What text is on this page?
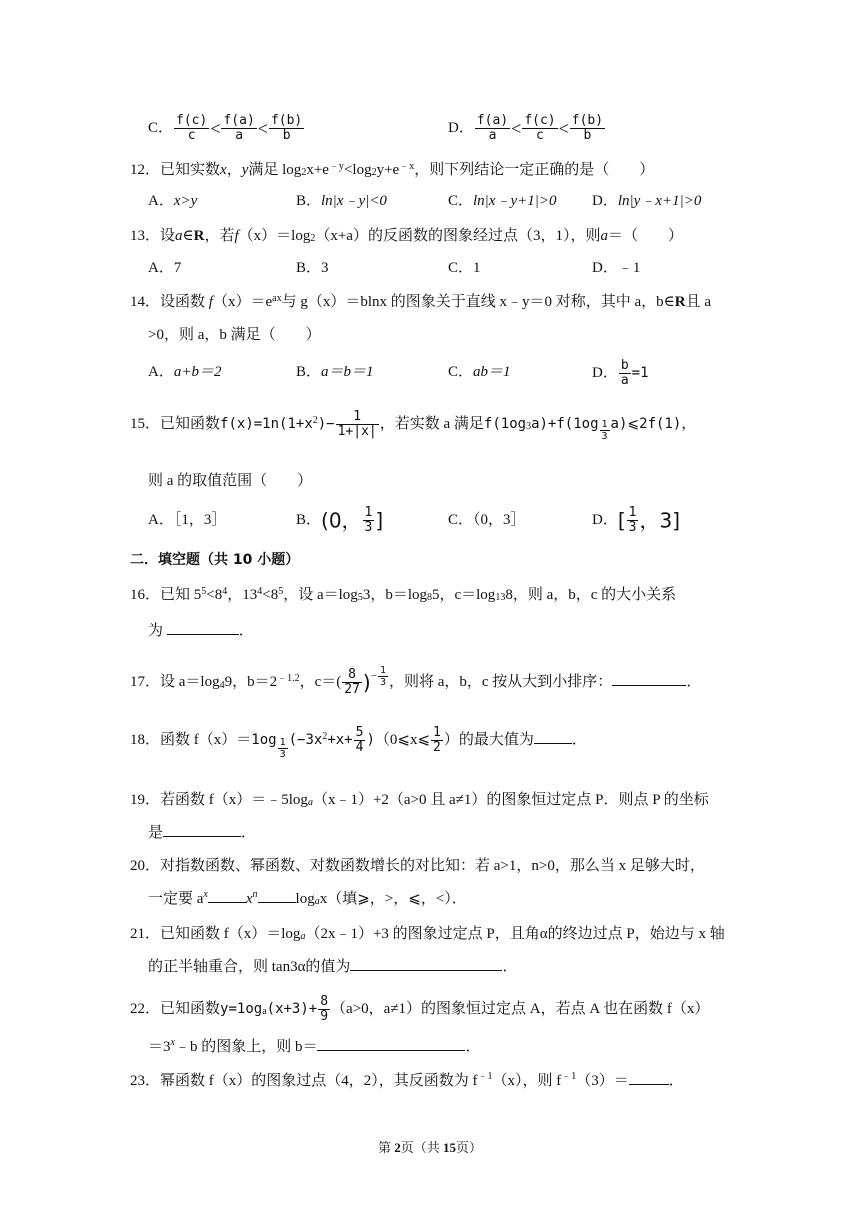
C． $\frac{f(c)}{c} < \frac{f(a)}{a} < \frac{f(b)}{b}$	D． $\frac{f(a)}{a} < \frac{f(c)}{c} < \frac{f(b)}{b}$
12．已知实数x，y满足 $\log_2x+e^{﹣y}<\log_2y+e^{﹣x}$，则下列结论一定正确的是（　　）
A．x>y	B．ln|x﹣y|<0	C．ln|x﹣y+1|>0 D．ln|y﹣x+1|>0
13．设a∈R，若$f(x)=\log_2(x+a)$的反函数的图象经过点（3，1），则a＝（　　）
A．7	B．3	C．1	D．﹣1
14．设函数 $f(x)=e^{ax}$与 g（x）＝blnx 的图象关于直线 x﹣y＝0 对称，其中 a，b∈R且 a
>0，则 a，b 满足（　　）
A．a+b＝2	B．a＝b＝1	C．ab＝1	D． $\frac{b}{a} =1$
15．已知函数$f(x)=1n(1+x^2)- \frac{1}{1+|x|}$ ，若实数 a 满足$f(1og_3a)+f(1og \frac{1}{3}$ a)⩽2f(1)，
则 a 的取值范围（　　）
A．［1，3］	B．(0， $\frac{1}{3}$ ]	C．（0，3］	D．[ $\frac{1}{3}$ ，3]
二．填空题（共 10 小题）
16．已知 $5^5<8^4$，$13^4<8^5$，设 $a=\log_53$，$b=\log_85$，$c=\log_{13}8$，则 a，b，c 的大小关系
为	．
17．设 $a=\log_49$，$b=2^{﹣1.2}$，$c=( \frac{8}{27}$ )− $\frac{1}{3}$ ，则将 a，b，c 按从大到小排序：	．
18．函数 $f(x)=1og \frac{1}{3} (-3x^2+x+ \frac{5}{4}$ )（0⩽x⩽ $\frac{1}{2}$ ）的最大值为	．
19．若函数 $f(x)=﹣5\log_a(x﹣1)+2(a>0$ 且 a≠1）的图象恒过定点 P．则点 P 的坐标
是	．
20．对指数函数、幂函数、对数函数增长的对比知：若 a>1，n>0，那么当 x 足够大时，
一定要 $a^x$	$x^n$	$\log_ax$（填⩾，>，⩽，<）．
21．已知函数 $f(x)=\log_a(2x﹣1)+3$ 的图象过定点 P，且角α的终边过点 P，始边与 x 轴
的正半轴重合，则 tan3α的值为	．
22．已知函数$y=1og_a(x+3)+ \frac{8}{9} (a>0$，a≠1）的图象恒过定点 A，若点 A 也在函数 f（x）
$=3^x﹣b$ 的图象上，则 b＝	．
23．幂函数 f（x）的图象过点（4，2），其反函数为 $f^{﹣1}(x)$，则 $f^{﹣1}(3)=$	．
第 2页（共 15页）
